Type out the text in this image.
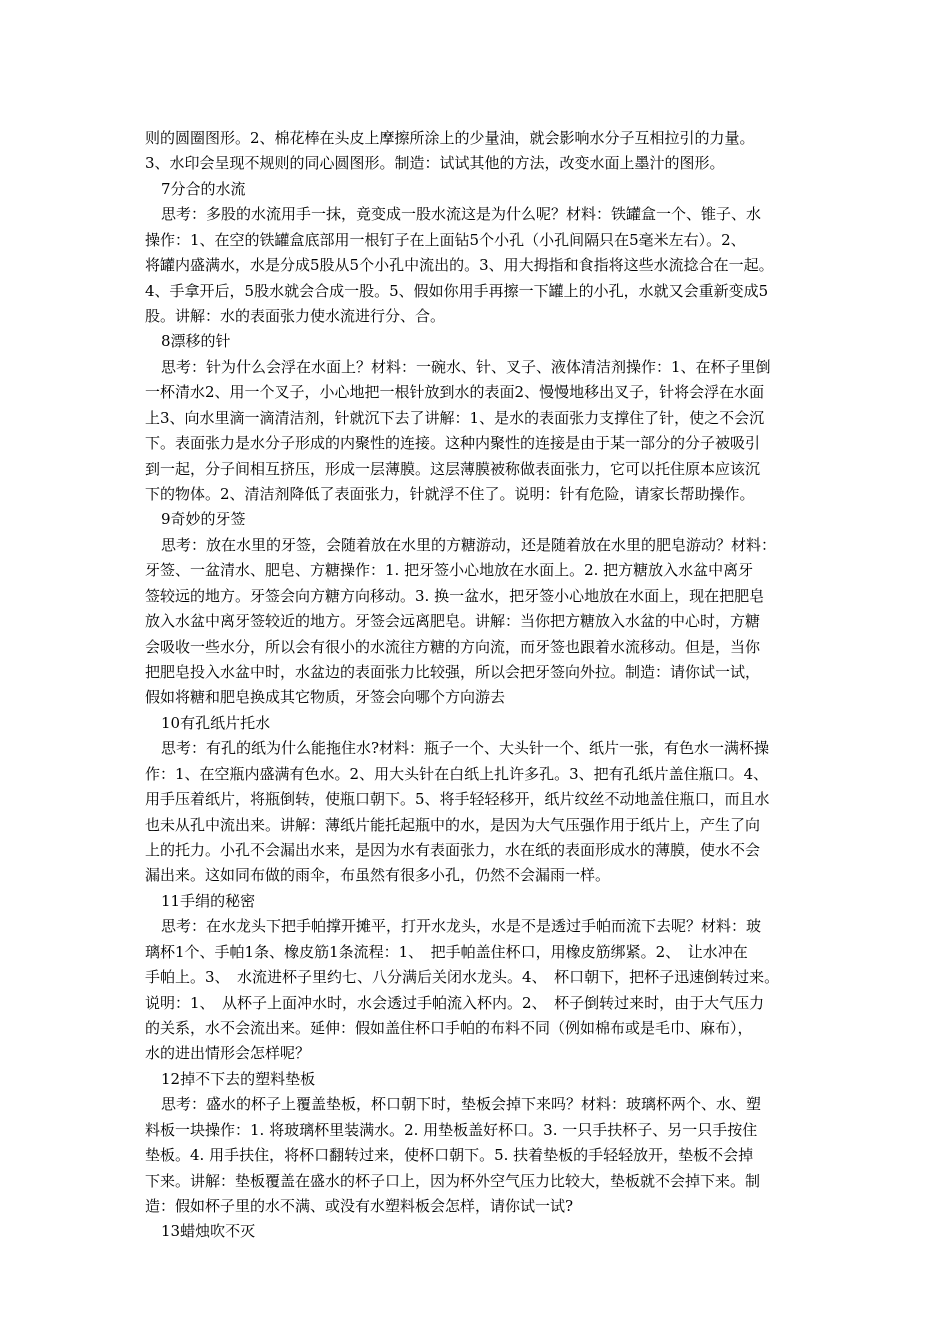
则的圆圈图形。2、棉花棒在头皮上摩擦所涂上的少量油，就会影响水分子互相拉引的力量。

3、水印会呈现不规则的同心圆图形。制造：试试其他的方法，改变水面上墨汁的图形。

7分合的水流

思考：多股的水流用手一抹，竟变成一股水流这是为什么呢？材料：铁罐盒一个、锥子、水

操作：1、在空的铁罐盒底部用一根钉子在上面钻5个小孔（小孔间隔只在5毫米左右）。2、

将罐内盛满水，水是分成5股从5个小孔中流出的。3、用大拇指和食指将这些水流捻合在一起。

4、手拿开后，5股水就会合成一股。5、假如你用手再擦一下罐上的小孔，水就又会重新变成5

股。讲解：水的表面张力使水流进行分、合。

8漂移的针

思考：针为什么会浮在水面上？材料：一碗水、针、叉子、液体清洁剂操作：1、在杯子里倒

一杯清水2、用一个叉子，小心地把一根针放到水的表面2、慢慢地移出叉子，针将会浮在水面

上3、向水里滴一滴清洁剂，针就沉下去了讲解：1、是水的表面张力支撑住了针，使之不会沉

下。表面张力是水分子形成的内聚性的连接。这种内聚性的连接是由于某一部分的分子被吸引

到一起，分子间相互挤压，形成一层薄膜。这层薄膜被称做表面张力，它可以托住原本应该沉

下的物体。2、清洁剂降低了表面张力，针就浮不住了。说明：针有危险，请家长帮助操作。

9奇妙的牙签

思考：放在水里的牙签，会随着放在水里的方糖游动，还是随着放在水里的肥皂游动？材料：

牙签、一盆清水、肥皂、方糖操作：1. 把牙签小心地放在水面上。2. 把方糖放入水盆中离牙

签较远的地方。牙签会向方糖方向移动。3. 换一盆水，把牙签小心地放在水面上，现在把肥皂

放入水盆中离牙签较近的地方。牙签会远离肥皂。讲解：当你把方糖放入水盆的中心时，方糖

会吸收一些水分，所以会有很小的水流往方糖的方向流，而牙签也跟着水流移动。但是，当你

把肥皂投入水盆中时，水盆边的表面张力比较强，所以会把牙签向外拉。制造：请你试一试，

假如将糖和肥皂换成其它物质，牙签会向哪个方向游去

10有孔纸片托水

思考：有孔的纸为什么能拖住水?材料：瓶子一个、大头针一个、纸片一张，有色水一满杯操

作：1、在空瓶内盛满有色水。2、用大头针在白纸上扎许多孔。3、把有孔纸片盖住瓶口。4、

用手压着纸片，将瓶倒转，使瓶口朝下。5、将手轻轻移开，纸片纹丝不动地盖住瓶口，而且水

也未从孔中流出来。讲解：薄纸片能托起瓶中的水，是因为大气压强作用于纸片上，产生了向

上的托力。小孔不会漏出水来，是因为水有表面张力，水在纸的表面形成水的薄膜，使水不会

漏出来。这如同布做的雨伞，布虽然有很多小孔，仍然不会漏雨一样。

11手绢的秘密

思考：在水龙头下把手帕撑开摊平，打开水龙头，水是不是透过手帕而流下去呢？材料：玻

璃杯1个、手帕1条、橡皮筋1条流程：1、　把手帕盖住杯口，用橡皮筋绑紧。2、　让水冲在

手帕上。3、　水流进杯子里约七、八分满后关闭水龙头。4、　杯口朝下，把杯子迅速倒转过来。

说明：1、　从杯子上面冲水时，水会透过手帕流入杯内。2、　杯子倒转过来时，由于大气压力

的关系，水不会流出来。延伸：假如盖住杯口手帕的布料不同（例如棉布或是毛巾、麻布），

水的进出情形会怎样呢？

12掉不下去的塑料垫板

思考：盛水的杯子上覆盖垫板，杯口朝下时，垫板会掉下来吗？材料：玻璃杯两个、水、塑

料板一块操作：1. 将玻璃杯里装满水。2. 用垫板盖好杯口。3. 一只手扶杯子、另一只手按住

垫板。4. 用手扶住，将杯口翻转过来，使杯口朝下。5. 扶着垫板的手轻轻放开，垫板不会掉

下来。讲解：垫板覆盖在盛水的杯子口上，因为杯外空气压力比较大，垫板就不会掉下来。制

造：假如杯子里的水不满、或没有水塑料板会怎样，请你试一试?

13蜡烛吹不灭
